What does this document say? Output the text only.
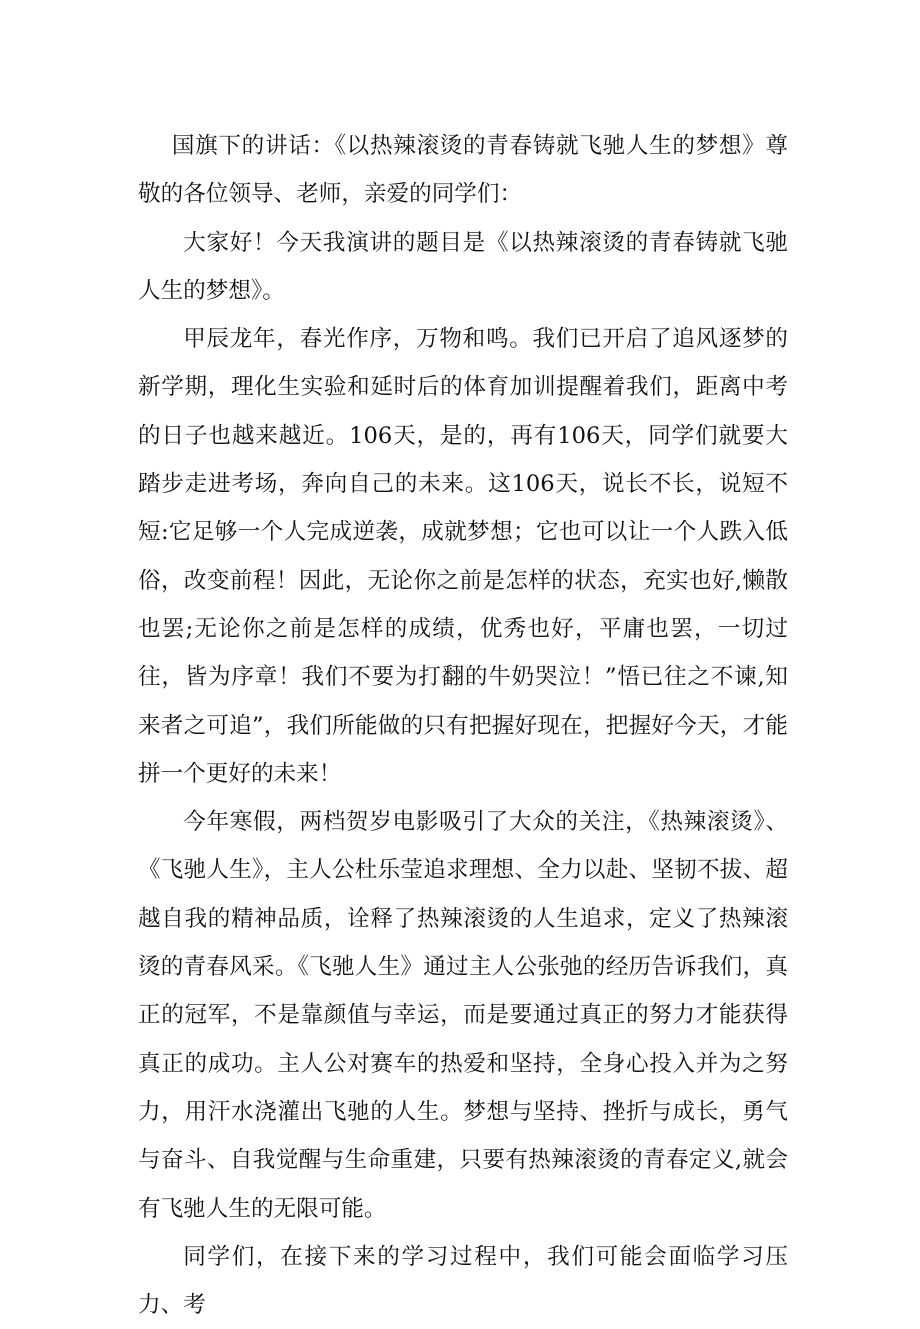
国旗下的讲话：《以热辣滚烫的青春铸就飞驰人生的梦想》尊敬的各位领导、老师，亲爱的同学们：

大家好！今天我演讲的题目是《以热辣滚烫的青春铸就飞驰人生的梦想》。

甲辰龙年，春光作序，万物和鸣。我们已开启了追风逐梦的新学期，理化生实验和延时后的体育加训提醒着我们，距离中考的日子也越来越近。106天，是的，再有106天，同学们就要大踏步走进考场，奔向自己的未来。这106天，说长不长，说短不短:它足够一个人完成逆袭，成就梦想；它也可以让一个人跌入低俗，改变前程！因此，无论你之前是怎样的状态，充实也好,懒散也罢;无论你之前是怎样的成绩，优秀也好，平庸也罢，一切过往，皆为序章！我们不要为打翻的牛奶哭泣！”悟已往之不谏,知来者之可追”，我们所能做的只有把握好现在，把握好今天，才能拼一个更好的未来！

今年寒假，两档贺岁电影吸引了大众的关注，《热辣滚烫》、《飞驰人生》，主人公杜乐莹追求理想、全力以赴、坚韧不拔、超越自我的精神品质，诠释了热辣滚烫的人生追求，定义了热辣滚烫的青春风采。《飞驰人生》通过主人公张弛的经历告诉我们，真正的冠军，不是靠颜值与幸运，而是要通过真正的努力才能获得真正的成功。主人公对赛车的热爱和坚持，全身心投入并为之努力，用汗水浇灌出飞驰的人生。梦想与坚持、挫折与成长，勇气与奋斗、自我觉醒与生命重建，只要有热辣滚烫的青春定义,就会有飞驰人生的无限可能。

同学们，在接下来的学习过程中，我们可能会面临学习压力、考
